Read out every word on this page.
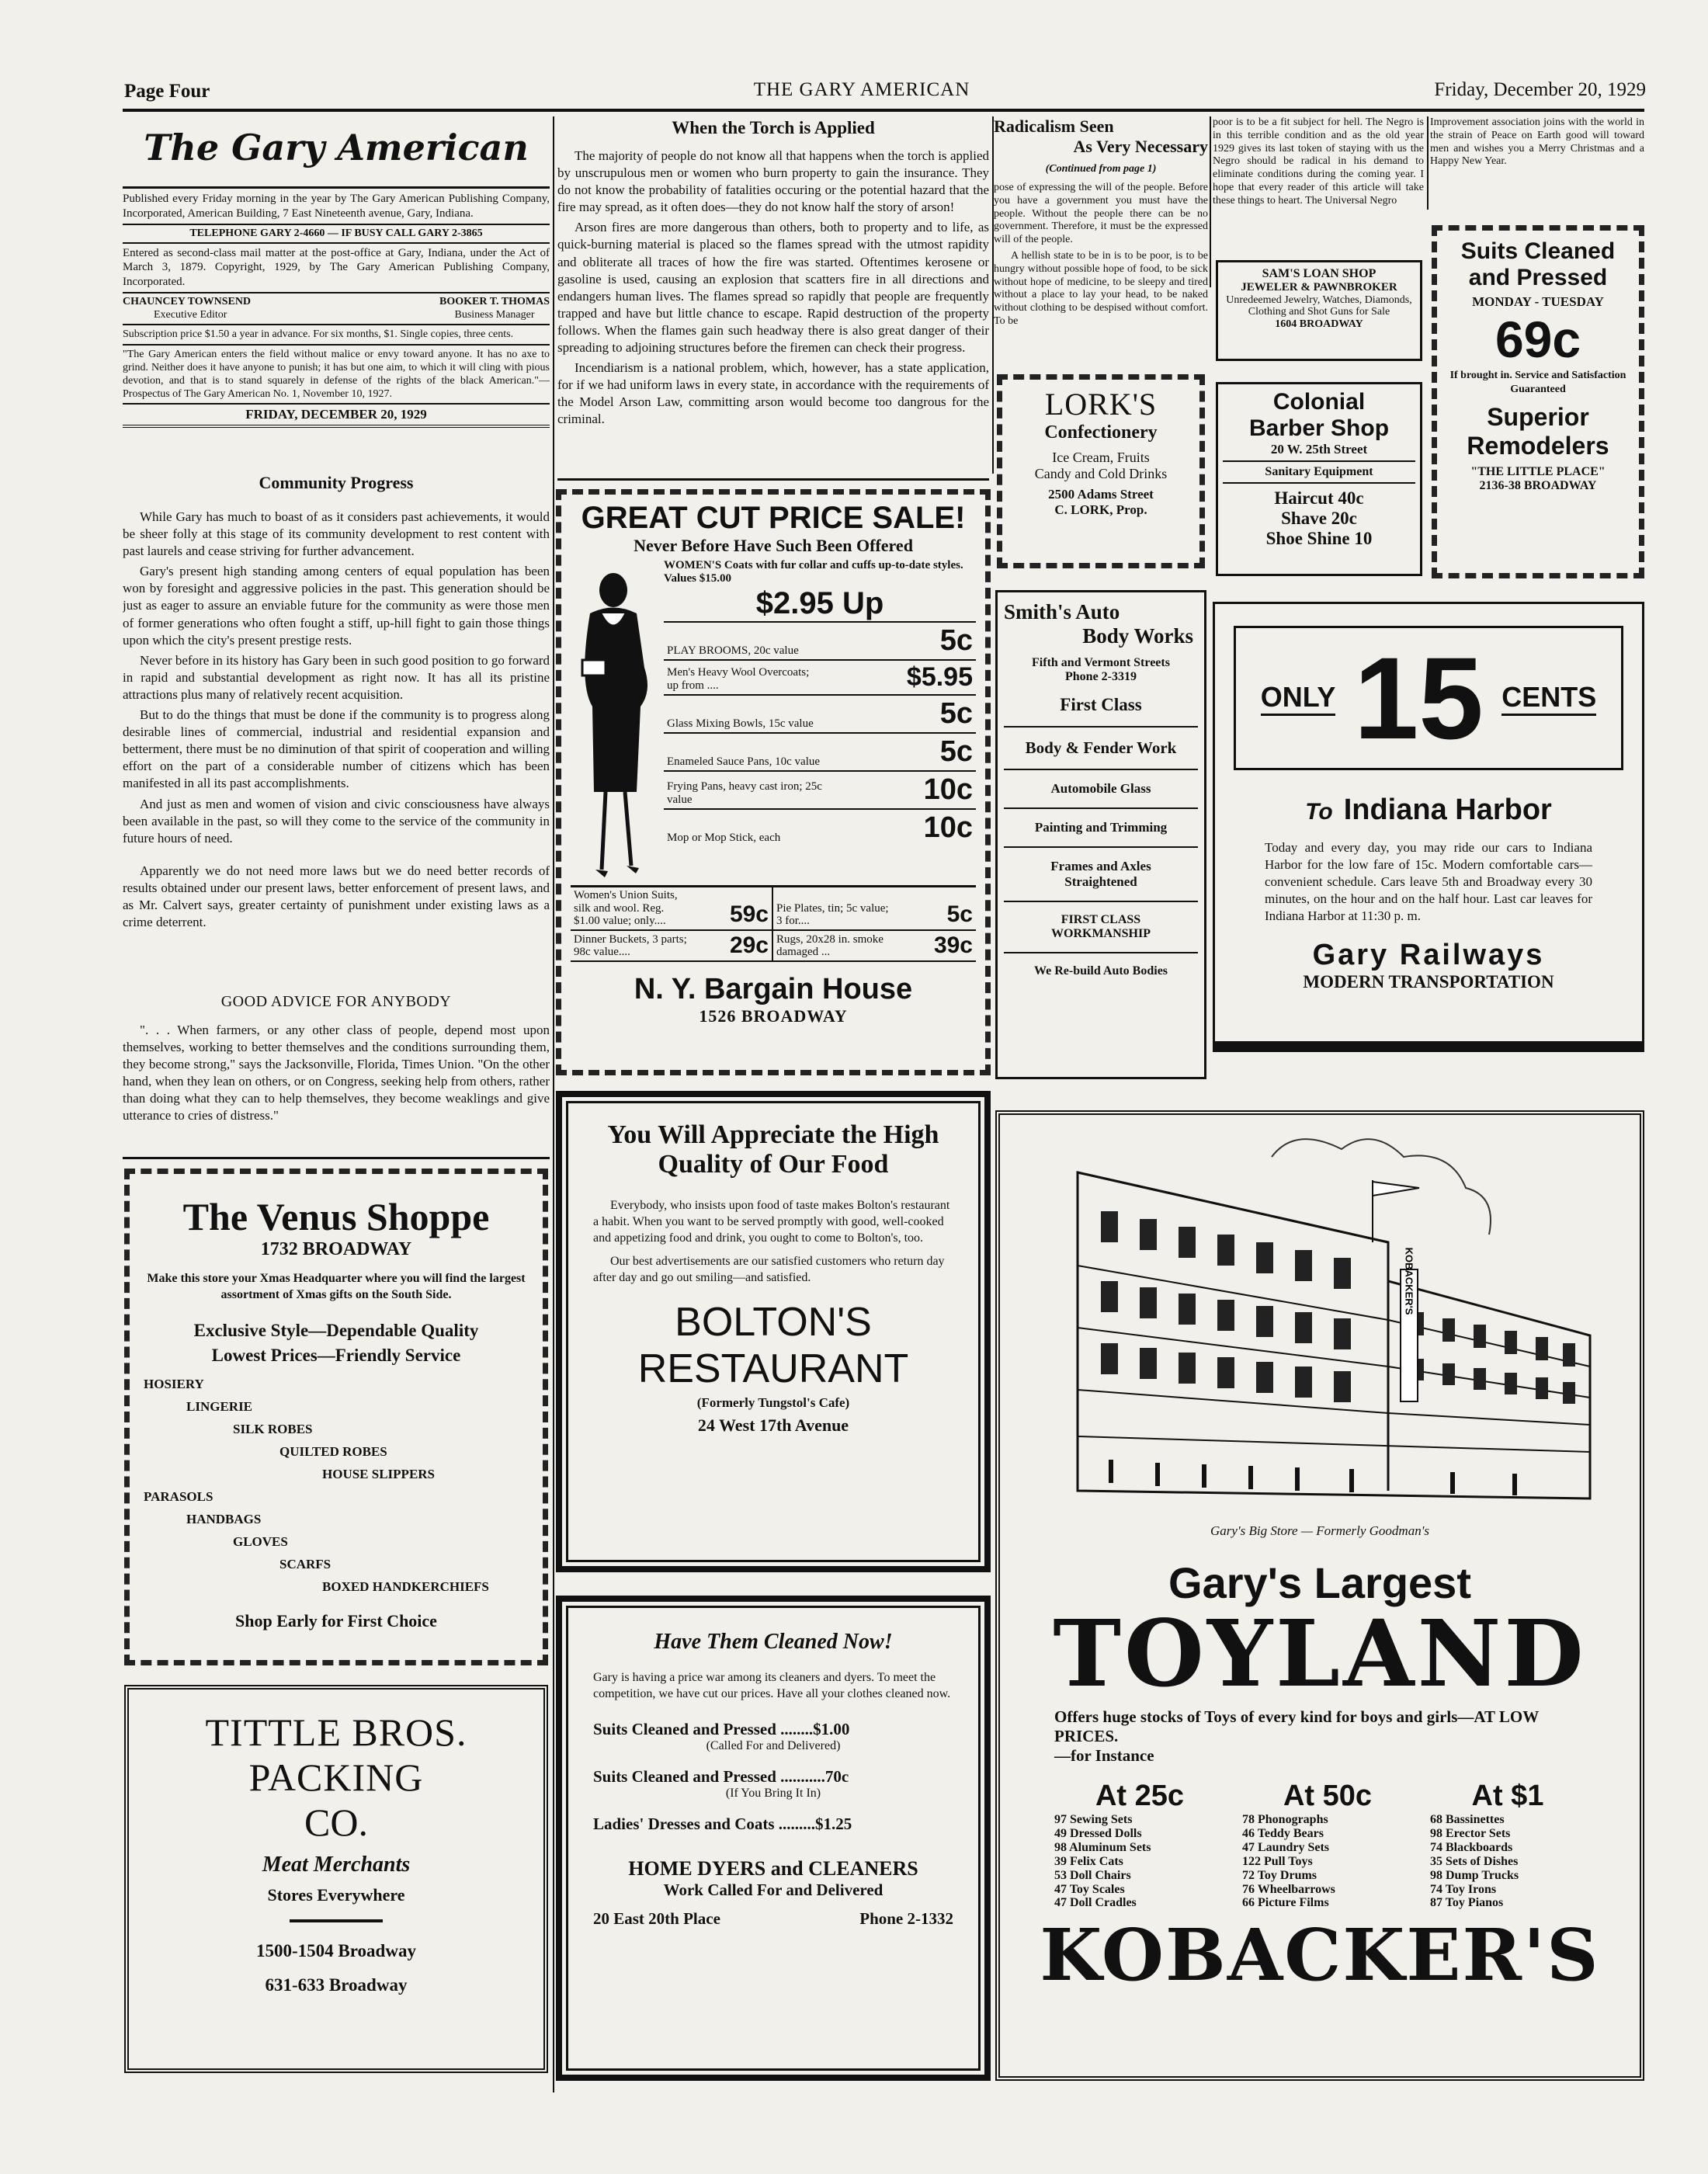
Page Four	THE GARY AMERICAN	Friday, December 20, 1929
The Gary American
Published every Friday morning in the year by The Gary American Publishing Company, Incorporated, American Building, 7 East Nineteenth avenue, Gary, Indiana.
TELEPHONE GARY 2-4660 — IF BUSY CALL GARY 2-3865
Entered as second-class mail matter at the post-office at Gary, Indiana, under the Act of March 3, 1879. Copyright, 1929, by The Gary American Publishing Company, Incorporated.
CHAUNCEY TOWNSEND
Executive Editor
BOOKER T. THOMAS
Business Manager
Subscription price $1.50 a year in advance. For six months, $1. Single copies, three cents.
"The Gary American enters the field without malice or envy toward anyone. It has no axe to grind. Neither does it have anyone to punish; it has but one aim, to which it will cling with pious devotion, and that is to stand squarely in defense of the rights of the black American."—Prospectus of The Gary American No. 1, November 10, 1927.
FRIDAY, DECEMBER 20, 1929
Community Progress

While Gary has much to boast of as it considers past achievements, it would be sheer folly at this stage of its community development to rest content with past laurels and cease striving for further advancement.

Gary's present high standing among centers of equal population has been won by foresight and aggressive policies in the past. This generation should be just as eager to assure an enviable future for the community as were those men of former generations who often fought a stiff, up-hill fight to gain those things upon which the city's present prestige rests.

Never before in its history has Gary been in such good position to go forward in rapid and substantial development as right now. It has all its pristine attractions plus many of relatively recent acquisition.

But to do the things that must be done if the community is to progress along desirable lines of commercial, industrial and residential expansion and betterment, there must be no diminution of that spirit of cooperation and willing effort on the part of a considerable number of citizens which has been manifested in all its past accomplishments.

And just as men and women of vision and civic consciousness have always been available in the past, so will they come to the service of the community in future hours of need.

Apparently we do not need more laws but we do need better records of results obtained under our present laws, better enforcement of present laws, and as Mr. Calvert says, greater certainty of punishment under existing laws as a crime deterrent.

GOOD ADVICE FOR ANYBODY

". . . When farmers, or any other class of people, depend most upon themselves, working to better themselves and the conditions surrounding them, they become strong," says the Jacksonville, Florida, Times Union. "On the other hand, when they lean on others, or on Congress, seeking help from others, rather than doing what they can to help themselves, they become weaklings and give utterance to cries of distress."

The Venus Shoppe
1732 BROADWAY
Make this store your Xmas Headquarter where you will find the largest assortment of Xmas gifts on the South Side.
Exclusive Style—Dependable Quality
Lowest Prices—Friendly Service
HOSIERY
LINGERIE
SILK ROBES
QUILTED ROBES
HOUSE SLIPPERS
PARASOLS
HANDBAGS
GLOVES
SCARFS
BOXED HANDKERCHIEFS
Shop Early for First Choice
TITTLE BROS.
PACKING
CO.
Meat Merchants
Stores Everywhere
1500-1504 Broadway
631-633 Broadway
When the Torch is Applied

The majority of people do not know all that happens when the torch is applied by unscrupulous men or women who burn property to gain the insurance. They do not know the probability of fatalities occuring or the potential hazard that the fire may spread, as it often does—they do not know half the story of arson!

Arson fires are more dangerous than others, both to property and to life, as quick-burning material is placed so the flames spread with the utmost rapidity and obliterate all traces of how the fire was started. Oftentimes kerosene or gasoline is used, causing an explosion that scatters fire in all directions and endangers human lives. The flames spread so rapidly that people are frequently trapped and have but little chance to escape. Rapid destruction of the property follows. When the flames gain such headway there is also great danger of their spreading to adjoining structures before the firemen can check their progress.

Incendiarism is a national problem, which, however, has a state application, for if we had uniform laws in every state, in accordance with the requirements of the Model Arson Law, committing arson would become too dangrous for the criminal.

GREAT CUT PRICE SALE!
Never Before Have Such Been Offered
WOMEN'S Coats with fur collar and cuffs up-to-date styles. Values $15.00
$2.95 Up
PLAY BROOMS, 20c value	5c
Men's Heavy Wool Overcoats; up from ....	$5.95
Glass Mixing Bowls, 15c value	5c
Enameled Sauce Pans, 10c value	5c
Frying Pans, heavy cast iron; 25c value	10c
Mop or Mop Stick, each	10c
Women's Union Suits, silk and wool. Reg. $1.00 value; only....	59c Pie Plates, tin; 5c value; 3 for....	5c
Dinner Buckets, 3 parts; 98c value....	29c Rugs, 20x28 in. smoke damaged ...	39c
N. Y. Bargain House
1526 BROADWAY
You Will Appreciate the High
Quality of Our Food

Everybody, who insists upon food of taste makes Bolton's restaurant a habit. When you want to be served promptly with good, well-cooked and appetizing food and drink, you ought to come to Bolton's, too.

Our best advertisements are our satisfied customers who return day after day and go out smiling—and satisfied.

BOLTON'S
RESTAURANT
(Formerly Tungstol's Cafe)
24 West 17th Avenue
Have Them Cleaned Now!

Gary is having a price war among its cleaners and dyers. To meet the competition, we have cut our prices. Have all your clothes cleaned now.

Suits Cleaned and Pressed ........$1.00
(Called For and Delivered)
Suits Cleaned and Pressed ...........70c
(If You Bring It In)
Ladies' Dresses and Coats .........$1.25
HOME DYERS and CLEANERS
Work Called For and Delivered
20 East 20th Place	Phone 2-1332
Radicalism Seen
As Very Necessary
(Continued from page 1)

pose of expressing the will of the people. Before you have a government you must have the people. Without the people there can be no government. Therefore, it must be the expressed will of the people.

A hellish state to be in is to be poor, is to be hungry without possible hope of food, to be sick without hope of medicine, to be sleepy and tired without a place to lay your head, to be naked without clothing to be despised without comfort. To be

poor is to be a fit subject for hell. The Negro is in this terrible condition and as the old year 1929 gives its last token of staying with us the Negro should be radical in his demand to eliminate conditions during the coming year. I hope that every reader of this article will take these things to heart. The Universal Negro

Improvement association joins with the world in the strain of Peace on Earth good will toward men and wishes you a Merry Christmas and a Happy New Year.

LORK'S
Confectionery
Ice Cream, Fruits
Candy and Cold Drinks
2500 Adams Street
C. LORK, Prop.
SAM'S LOAN SHOP
JEWELER & PAWNBROKER
Unredeemed Jewelry, Watches, Diamonds, Clothing and Shot Guns for Sale
1604 BROADWAY
Colonial
Barber Shop
20 W. 25th Street
Sanitary Equipment
Haircut 40c
Shave 20c
Shoe Shine 10
Suits Cleaned
and Pressed
MONDAY - TUESDAY
69c
If brought in. Service and Satisfaction Guaranteed
Superior
Remodelers
"THE LITTLE PLACE"
2136-38 BROADWAY
Smith's Auto
Body Works
Fifth and Vermont Streets
Phone 2-3319
First Class
Body & Fender Work
Automobile Glass
Painting and Trimming
Frames and Axles Straightened
FIRST CLASS WORKMANSHIP
We Re-build Auto Bodies
ONLY 15 CENTS
To Indiana Harbor

Today and every day, you may ride our cars to Indiana Harbor for the low fare of 15c. Modern comfortable cars—convenient schedule. Cars leave 5th and Broadway every 30 minutes, on the hour and on the half hour. Last car leaves for Indiana Harbor at 11:30 p. m.

Gary Railways
MODERN TRANSPORTATION
KOBACKER'S
Gary's Big Store — Formerly Goodman's
Gary's Largest
TOYLAND
Offers huge stocks of Toys of every kind for boys and girls—AT LOW PRICES.
—for Instance
At 25c
97 Sewing Sets
49 Dressed Dolls
98 Aluminum Sets
39 Felix Cats
53 Doll Chairs
47 Toy Scales
47 Doll Cradles
At 50c
78 Phonographs
46 Teddy Bears
47 Laundry Sets
122 Pull Toys
72 Toy Drums
76 Wheelbarrows
66 Picture Films
At $1
68 Bassinettes
98 Erector Sets
74 Blackboards
35 Sets of Dishes
98 Dump Trucks
74 Toy Irons
87 Toy Pianos
KOBACKER'S
